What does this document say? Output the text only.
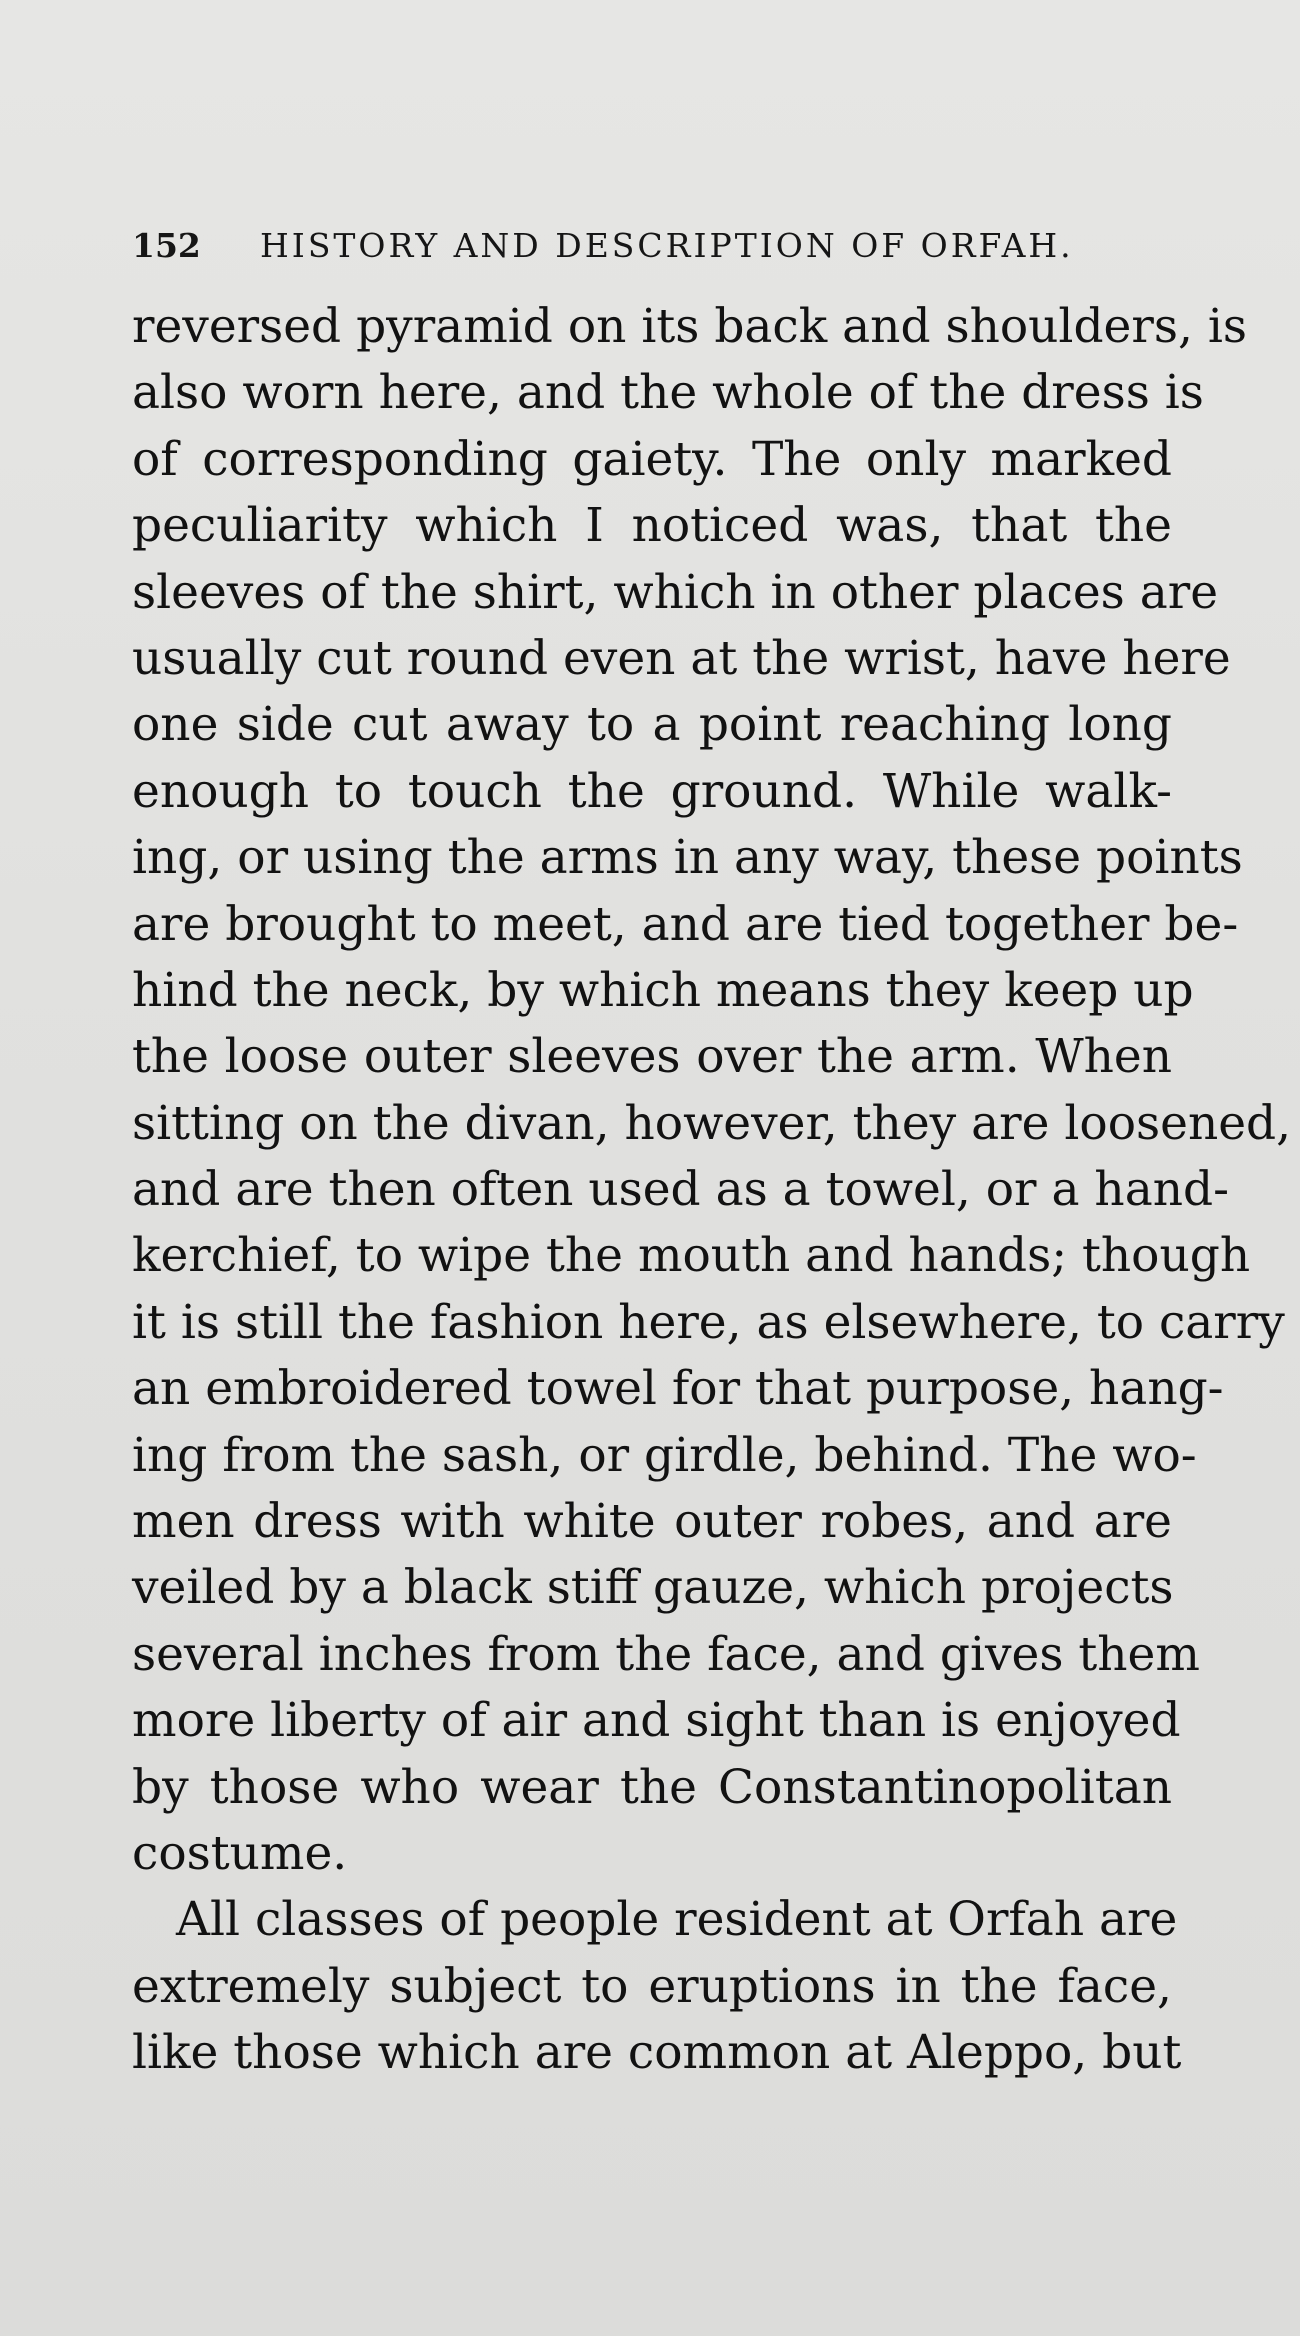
152	HISTORY AND DESCRIPTION OF ORFAH.
reversed pyramid on its back and shoulders, is
also worn here, and the whole of the dress is
of corresponding gaiety. The only marked
peculiarity which I noticed was, that the
sleeves of the shirt, which in other places are
usually cut round even at the wrist, have here
one side cut away to a point reaching long
enough to touch the ground. While walk-
ing, or using the arms in any way, these points
are brought to meet, and are tied together be-
hind the neck, by which means they keep up
the loose outer sleeves over the arm. When
sitting on the divan, however, they are loosened,
and are then often used as a towel, or a hand-
kerchief, to wipe the mouth and hands; though
it is still the fashion here, as elsewhere, to carry
an embroidered towel for that purpose, hang-
ing from the sash, or girdle, behind. The wo-
men dress with white outer robes, and are
veiled by a black stiff gauze, which projects
several inches from the face, and gives them
more liberty of air and sight than is enjoyed
by those who wear the Constantinopolitan
costume.
All classes of people resident at Orfah are
extremely subject to eruptions in the face,
like those which are common at Aleppo, but
